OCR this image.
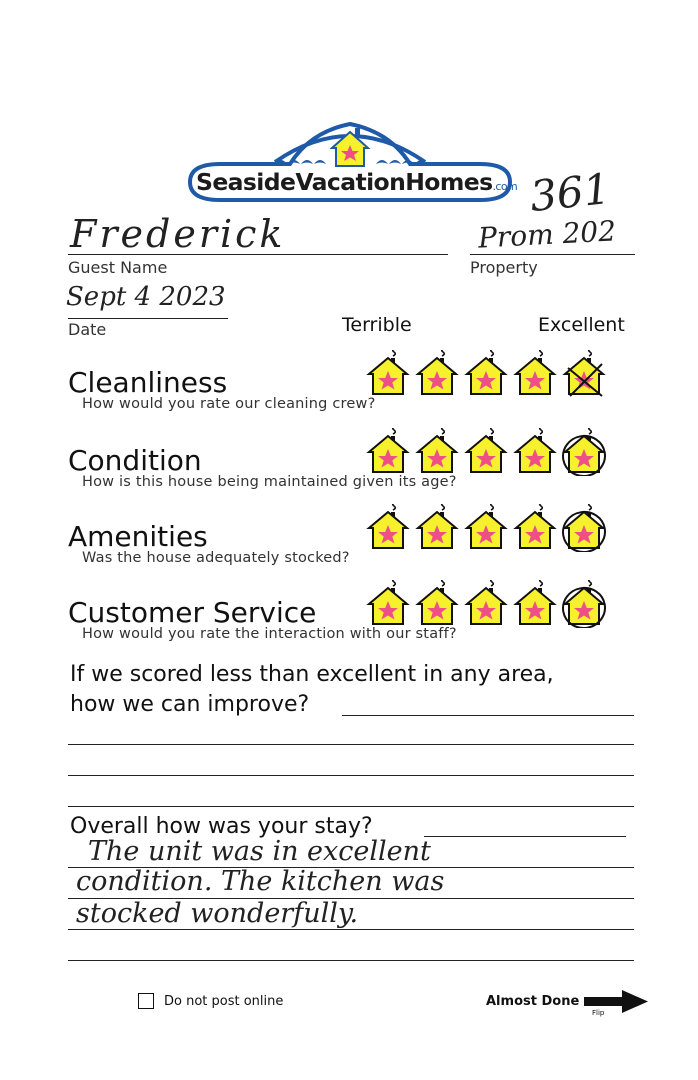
SeasideVacationHomes.com 361
Frederick
Guest Name
Prom 202
Property
Sept 4 2023
Date	Terrible	Excellent
Cleanliness
How would you rate our cleaning crew?
Condition
How is this house being maintained given its age?
Amenities
Was the house adequately stocked?
Customer Service
How would you rate the interaction with our staff?
If we scored less than excellent in any area,
how we can improve?
Overall how was your stay?
The unit was in excellent
condition. The kitchen was
stocked wonderfully.
Do not post online	Almost Done
Flip
